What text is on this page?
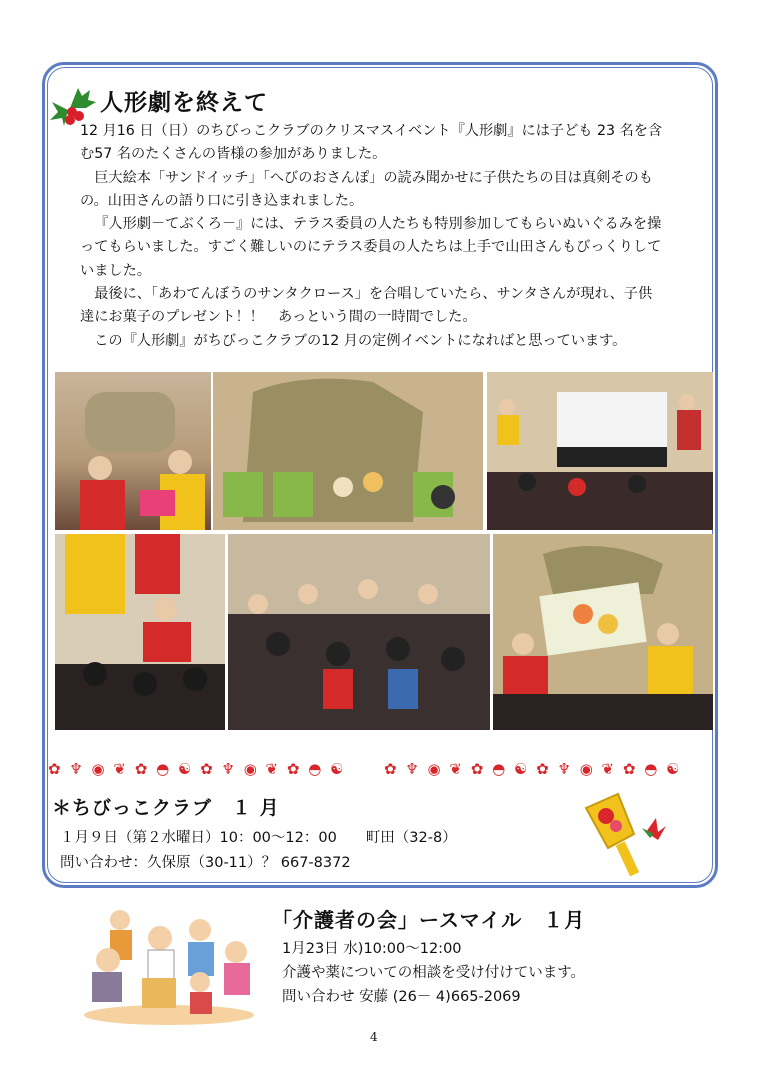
人形劇を終えて

12 月16 日（日）のちびっこクラブのクリスマスイベント『人形劇』には子ども 23 名を含む57 名のたくさんの皆様の参加がありました。

巨大絵本「サンドイッチ」「へびのおさんぽ」の読み聞かせに子供たちの目は真剣そのもの。山田さんの語り口に引き込まれました。

『人形劇－てぶくろ－』には、テラス委員の人たちも特別参加してもらいぬいぐるみを操ってもらいました。すごく難しいのにテラス委員の人たちは上手で山田さんもびっくりしていました。

最後に、「あわてんぼうのサンタクロース」を合唱していたら、サンタさんが現れ、子供達にお菓子のプレゼント！！　あっという間の一時間でした。

この『人形劇』がちびっこクラブの12 月の定例イベントになればと思っています。

✿ ♆ ◉ ❦ ✿ ◓ ☯ ✿ ♆ ◉ ❦ ✿ ◓ ☯	✿ ♆ ◉ ❦ ✿ ◓ ☯ ✿ ♆ ◉ ❦ ✿ ◓ ☯
＊ちびっこクラブ　１ 月
１月９日（第２水曜日）10：00〜12：00　　町田（32-8）
問い合わせ：久保原（30-11）？ 667-8372
「介護者の会」ースマイル　１月
1月23日 水)10:00〜12:00
介護や薬についての相談を受け付けています。
問い合わせ 安藤 (26－ 4)665-2069
4
